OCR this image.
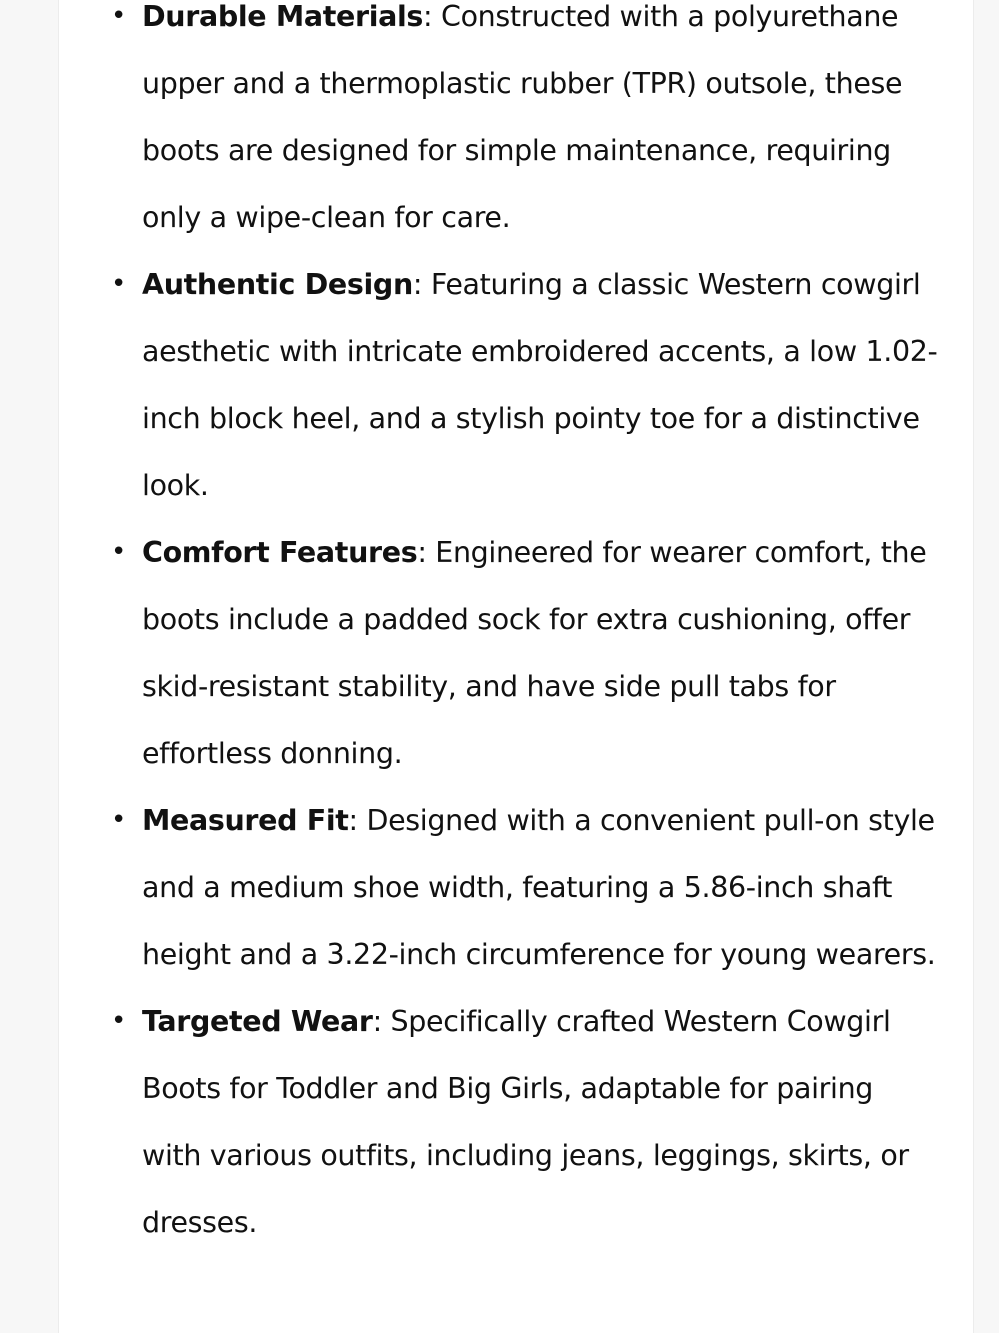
• Durable Materials: Constructed with a polyurethane upper and a thermoplastic rubber (TPR) outsole, these boots are designed for simple maintenance, requiring only a wipe-clean for care.
• Authentic Design: Featuring a classic Western cowgirl aesthetic with intricate embroidered accents, a low 1.02-inch block heel, and a stylish pointy toe for a distinctive look.
• Comfort Features: Engineered for wearer comfort, the boots include a padded sock for extra cushioning, offer skid-resistant stability, and have side pull tabs for effortless donning.
• Measured Fit: Designed with a convenient pull-on style and a medium shoe width, featuring a 5.86-inch shaft height and a 3.22-inch circumference for young wearers.
• Targeted Wear: Specifically crafted Western Cowgirl Boots for Toddler and Big Girls, adaptable for pairing with various outfits, including jeans, leggings, skirts, or dresses.
